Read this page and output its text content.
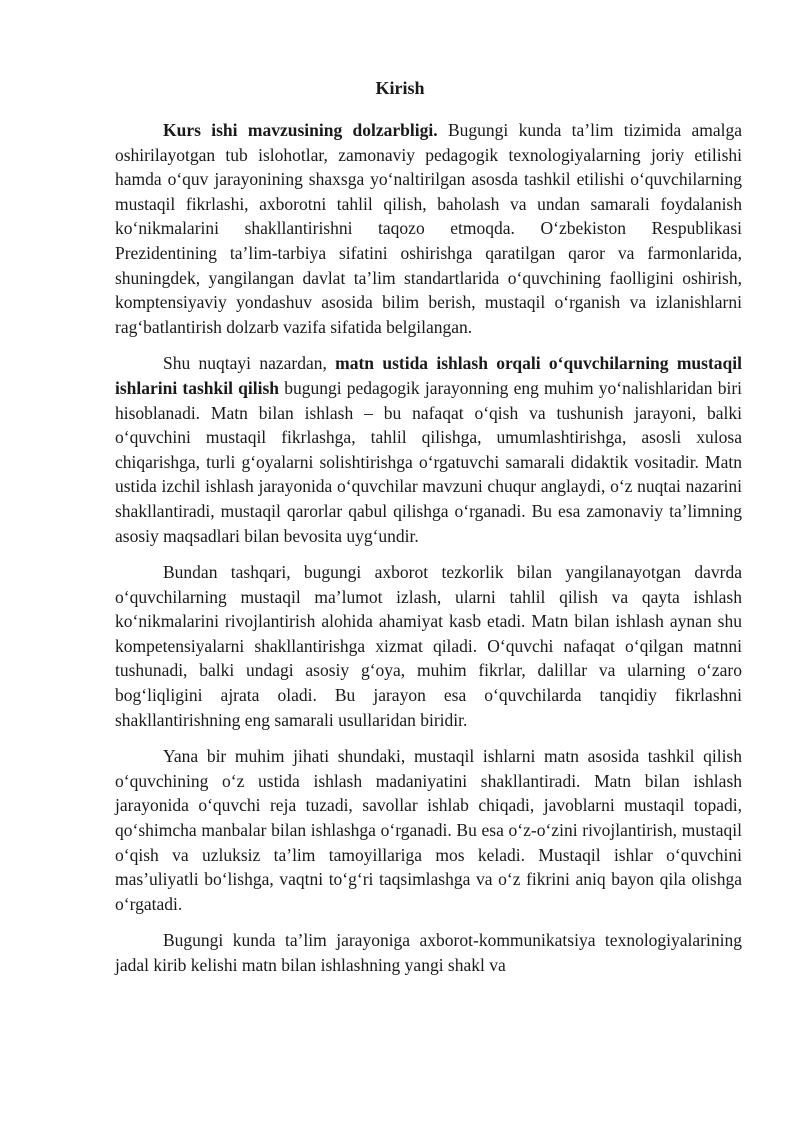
Kirish

Kurs ishi mavzusining dolzarbligi. Bugungi kunda ta’lim tizimida amalga oshirilayotgan tub islohotlar, zamonaviy pedagogik texnologiyalarning joriy etilishi hamda o‘quv jarayonining shaxsga yo‘naltirilgan asosda tashkil etilishi o‘quvchilarning mustaqil fikrlashi, axborotni tahlil qilish, baholash va undan samarali foydalanish ko‘nikmalarini shakllantirishni taqozo etmoqda. O‘zbekiston Respublikasi Prezidentining ta’lim-tarbiya sifatini oshirishga qaratilgan qaror va farmonlarida, shuningdek, yangilangan davlat ta’lim standartlarida o‘quvchining faolligini oshirish, komptensiyaviy yondashuv asosida bilim berish, mustaqil o‘rganish va izlanishlarni rag‘batlantirish dolzarb vazifa sifatida belgilangan.

Shu nuqtayi nazardan, matn ustida ishlash orqali o‘quvchilarning mustaqil ishlarini tashkil qilish bugungi pedagogik jarayonning eng muhim yo‘nalishlaridan biri hisoblanadi. Matn bilan ishlash – bu nafaqat o‘qish va tushunish jarayoni, balki o‘quvchini mustaqil fikrlashga, tahlil qilishga, umumlashtirishga, asosli xulosa chiqarishga, turli g‘oyalarni solishtirishga o‘rgatuvchi samarali didaktik vositadir. Matn ustida izchil ishlash jarayonida o‘quvchilar mavzuni chuqur anglaydi, o‘z nuqtai nazarini shakllantiradi, mustaqil qarorlar qabul qilishga o‘rganadi. Bu esa zamonaviy ta’limning asosiy maqsadlari bilan bevosita uyg‘undir.

Bundan tashqari, bugungi axborot tezkorlik bilan yangilanayotgan davrda o‘quvchilarning mustaqil ma’lumot izlash, ularni tahlil qilish va qayta ishlash ko‘nikmalarini rivojlantirish alohida ahamiyat kasb etadi. Matn bilan ishlash aynan shu kompetensiyalarni shakllantirishga xizmat qiladi. O‘quvchi nafaqat o‘qilgan matnni tushunadi, balki undagi asosiy g‘oya, muhim fikrlar, dalillar va ularning o‘zaro bog‘liqligini ajrata oladi. Bu jarayon esa o‘quvchilarda tanqidiy fikrlashni shakllantirishning eng samarali usullaridan biridir.

Yana bir muhim jihati shundaki, mustaqil ishlarni matn asosida tashkil qilish o‘quvchining o‘z ustida ishlash madaniyatini shakllantiradi. Matn bilan ishlash jarayonida o‘quvchi reja tuzadi, savollar ishlab chiqadi, javoblarni mustaqil topadi, qo‘shimcha manbalar bilan ishlashga o‘rganadi. Bu esa o‘z-o‘zini rivojlantirish, mustaqil o‘qish va uzluksiz ta’lim tamoyillariga mos keladi. Mustaqil ishlar o‘quvchini mas’uliyatli bo‘lishga, vaqtni to‘g‘ri taqsimlashga va o‘z fikrini aniq bayon qila olishga o‘rgatadi.

Bugungi kunda ta’lim jarayoniga axborot-kommunikatsiya texnologiyalarining jadal kirib kelishi matn bilan ishlashning yangi shakl va
